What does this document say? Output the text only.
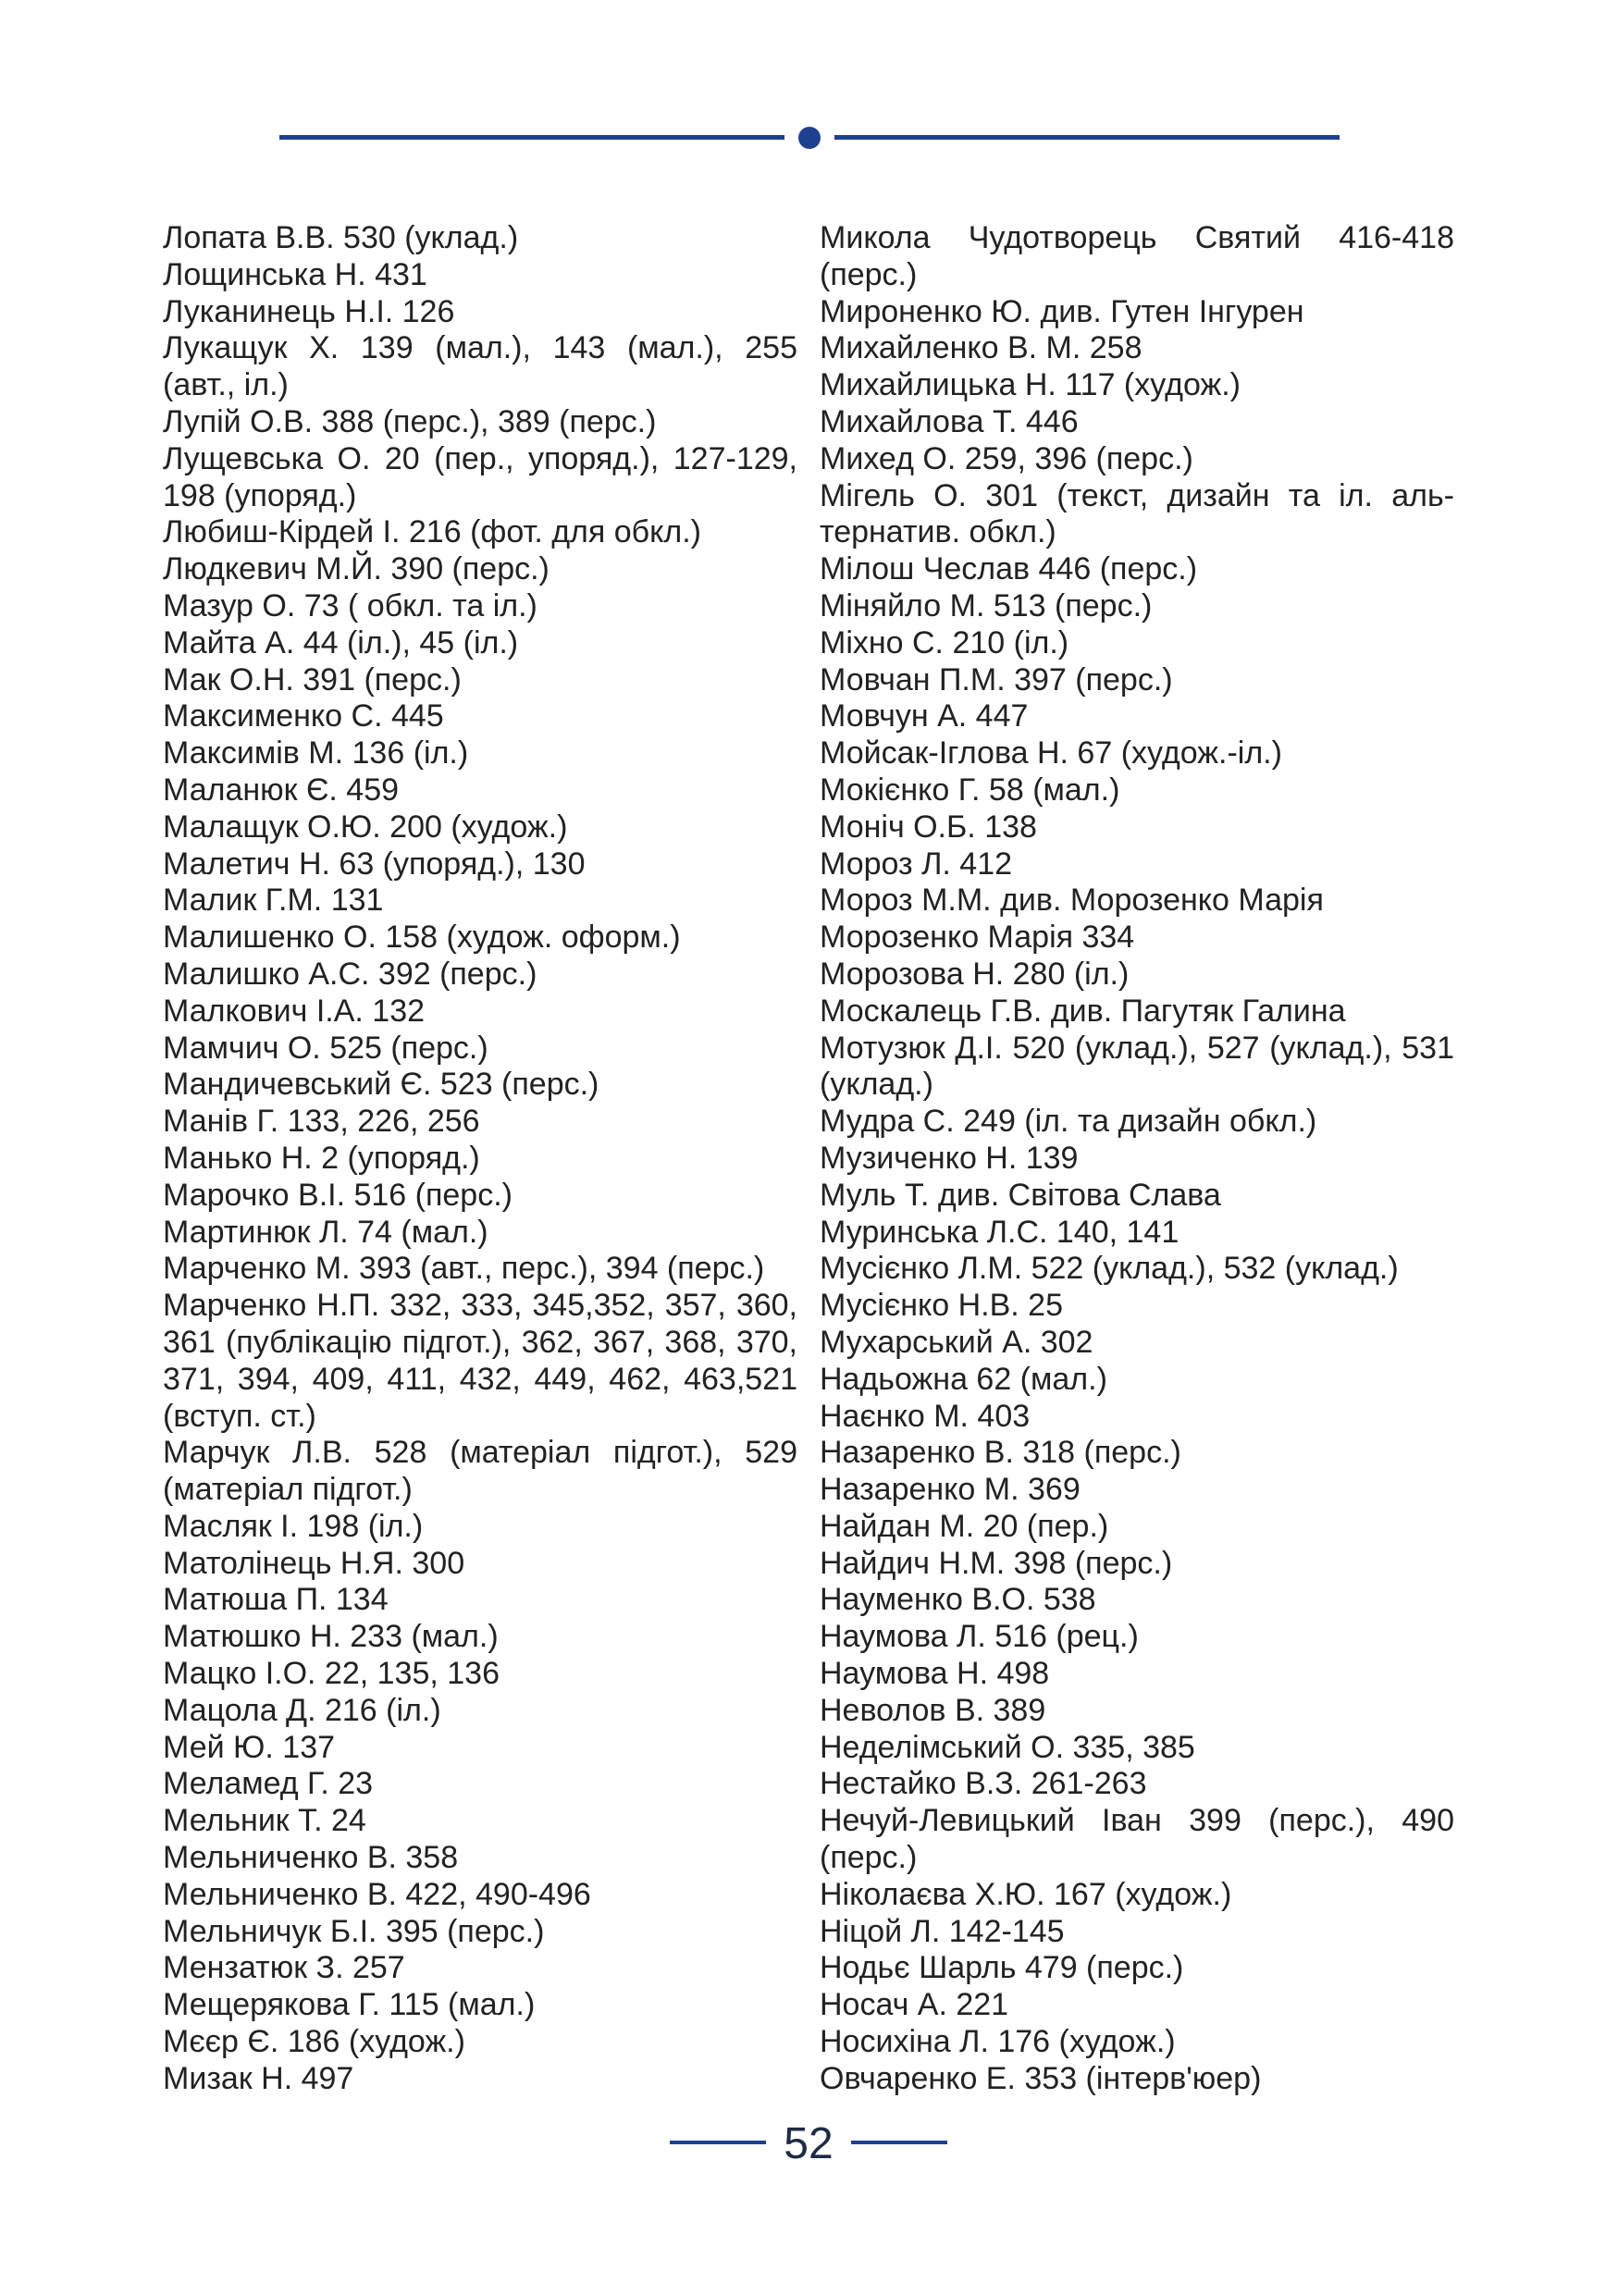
Лопата В.В. 530 (уклад.)
Лощинська Н. 431
Луканинець Н.І. 126
Лукащук Х. 139 (мал.), 143 (мал.), 255 (авт., іл.)
Лупій О.В. 388 (перс.), 389 (перс.)
Лущевська О. 20 (пер., упоряд.), 127-129, 198 (упоряд.)
Любиш-Кірдей І. 216 (фот. для обкл.)
Людкевич М.Й. 390 (перс.)
Мазур О. 73 ( обкл. та іл.)
Майта А. 44 (іл.), 45 (іл.)
Мак О.Н. 391 (перс.)
Максименко С. 445
Максимів М. 136 (іл.)
Маланюк Є. 459
Малащук О.Ю. 200 (худож.)
Малетич Н. 63 (упоряд.), 130
Малик Г.М. 131
Малишенко О. 158 (худож. оформ.)
Малишко А.С. 392 (перс.)
Малкович І.А. 132
Мамчич О. 525 (перс.)
Мандичевський Є. 523 (перс.)
Манів Г. 133, 226, 256
Манько Н. 2 (упоряд.)
Марочко В.І. 516 (перс.)
Мартинюк Л. 74 (мал.)
Марченко М. 393 (авт., перс.), 394 (перс.)
Марченко Н.П. 332, 333, 345,352, 357, 360, 361 (публікацію підгот.), 362, 367, 368, 370, 371, 394, 409, 411, 432, 449, 462, 463,521 (вступ. ст.)
Марчук Л.В. 528 (матеріал підгот.), 529 (матеріал підгот.)
Масляк І. 198 (іл.)
Матолінець Н.Я. 300
Матюша П. 134
Матюшко Н. 233 (мал.)
Мацко І.О. 22, 135, 136
Мацола Д. 216 (іл.)
Мей Ю. 137
Меламед Г. 23
Мельник Т. 24
Мельниченко В. 358
Мельниченко В. 422, 490-496
Мельничук Б.І. 395 (перс.)
Мензатюк З. 257
Мещерякова Г. 115 (мал.)
Мєєр Є. 186 (худож.)
Мизак Н. 497
Микола Чудотворець Святий 416-418 (перс.)
Мироненко Ю. див. Гутен Інгурен
Михайленко В. М. 258
Михайлицька Н. 117 (худож.)
Михайлова Т. 446
Михед О. 259, 396 (перс.)
Мігель О. 301 (текст, дизайн та іл. аль-тернатив. обкл.)
Мілош Чеслав 446 (перс.)
Міняйло М. 513 (перс.)
Міхно С. 210 (іл.)
Мовчан П.М. 397 (перс.)
Мовчун А. 447
Мойсак-Іглова Н. 67 (худож.-іл.)
Мокієнко Г. 58 (мал.)
Моніч О.Б. 138
Мороз Л. 412
Мороз М.М. див. Морозенко Марія
Морозенко Марія 334
Морозова Н. 280 (іл.)
Москалець Г.В. див. Пагутяк Галина
Мотузюк Д.І. 520 (уклад.), 527 (уклад.), 531 (уклад.)
Мудра С. 249 (іл. та дизайн обкл.)
Музиченко Н. 139
Муль Т. див. Світова Слава
Муринська Л.С. 140, 141
Мусієнко Л.М. 522 (уклад.), 532 (уклад.)
Мусієнко Н.В. 25
Мухарський А. 302
Надьожна 62 (мал.)
Наєнко М. 403
Назаренко В. 318 (перс.)
Назаренко М. 369
Найдан М. 20 (пер.)
Найдич Н.М. 398 (перс.)
Науменко В.О. 538
Наумова Л. 516 (рец.)
Наумова Н. 498
Неволов В. 389
Неделімський О. 335, 385
Нестайко В.З. 261-263
Нечуй-Левицький Іван 399 (перс.), 490 (перс.)
Ніколаєва Х.Ю. 167 (худож.)
Ніцой Л. 142-145
Нодьє Шарль 479 (перс.)
Носач А. 221
Носихіна Л. 176 (худож.)
Овчаренко Е. 353 (інтерв'юер)
52
